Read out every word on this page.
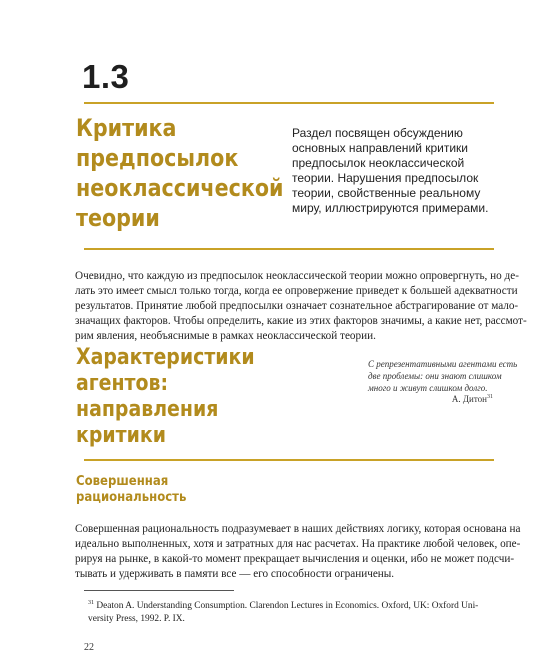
1.3
Критика
предпосылок
неоклассической
теории
Раздел посвящен обсуждению
основных направлений критики
предпосылок неоклассической
теории. Нарушения предпосылок
теории, свойственные реальному
миру, иллюстрируются примерами.
Очевидно, что каждую из предпосылок неоклассической теории можно опровергнуть, но де-
лать это имеет смысл только тогда, когда ее опровержение приведет к большей адекватности
результатов. Принятие любой предпосылки означает сознательное абстрагирование от мало-
значащих факторов. Чтобы определить, какие из этих факторов значимы, а какие нет, рассмот-
рим явления, необъяснимые в рамках неоклассической теории.
Характеристики
агентов:
направления
критики
С репрезентативными агентами есть
две проблемы: они знают слишком
много и живут слишком долго.
А. Дитон$^{31}$
Совершенная
рациональность
Совершенная рациональность подразумевает в наших действиях логику, которая основана на
идеально выполненных, хотя и затратных для нас расчетах. На практике любой человек, опе-
рируя на рынке, в какой-то момент прекращает вычисления и оценки, ибо не может подсчи-
тывать и удерживать в памяти все — его способности ограничены.
$^{31}$ Deaton A. Understanding Consumption. Clarendon Lectures in Economics. Oxford, UK: Oxford Uni-
versity Press, 1992. P. IX.
22
